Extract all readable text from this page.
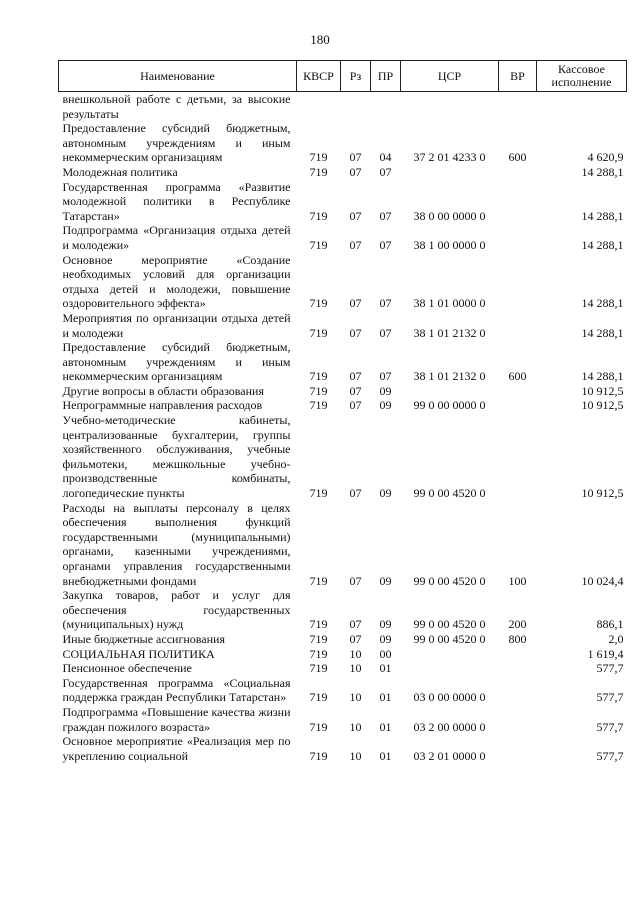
180
Наименование	КВСР	Рз	ПР	ЦСР	ВР	Кассовое исполнение
внешкольной работе с детьми, за высокие результаты						
Предоставление субсидий бюджетным, автономным учреждениям и иным некоммерческим организациям	719	07	04	37 2 01 4233 0	600	4 620,9
Молодежная политика	719	07	07			14 288,1
Государственная программа «Развитие молодежной политики в Республике Татарстан»	719	07	07	38 0 00 0000 0		14 288,1
Подпрограмма «Организация отдыха детей и молодежи»	719	07	07	38 1 00 0000 0		14 288,1
Основное мероприятие «Создание необходимых условий для организации отдыха детей и молодежи, повышение оздоровительного эффекта»	719	07	07	38 1 01 0000 0		14 288,1
Мероприятия по организации отдыха детей и молодежи	719	07	07	38 1 01 2132 0		14 288,1
Предоставление субсидий бюджетным, автономным учреждениям и иным некоммерческим организациям	719	07	07	38 1 01 2132 0	600	14 288,1
Другие вопросы в области образования	719	07	09			10 912,5
Непрограммные направления расходов	719	07	09	99 0 00 0000 0		10 912,5
Учебно-методические кабинеты, централизованные бухгалтерии, группы хозяйственного обслуживания, учебные фильмотеки, межшкольные учебно-производственные комбинаты, логопедические пункты	719	07	09	99 0 00 4520 0		10 912,5
Расходы на выплаты персоналу в целях обеспечения выполнения функций государственными (муниципальными) органами, казенными учреждениями, органами управления государственными внебюджетными фондами	719	07	09	99 0 00 4520 0	100	10 024,4
Закупка товаров, работ и услуг для обеспечения государственных (муниципальных) нужд	719	07	09	99 0 00 4520 0	200	886,1
Иные бюджетные ассигнования	719	07	09	99 0 00 4520 0	800	2,0
СОЦИАЛЬНАЯ ПОЛИТИКА	719	10	00			1 619,4
Пенсионное обеспечение	719	10	01			577,7
Государственная программа «Социальная поддержка граждан Республики Татарстан»	719	10	01	03 0 00 0000 0		577,7
Подпрограмма «Повышение качества жизни граждан пожилого возраста»	719	10	01	03 2 00 0000 0		577,7
Основное мероприятие «Реализация мер по укреплению социальной	719	10	01	03 2 01 0000 0		577,7
